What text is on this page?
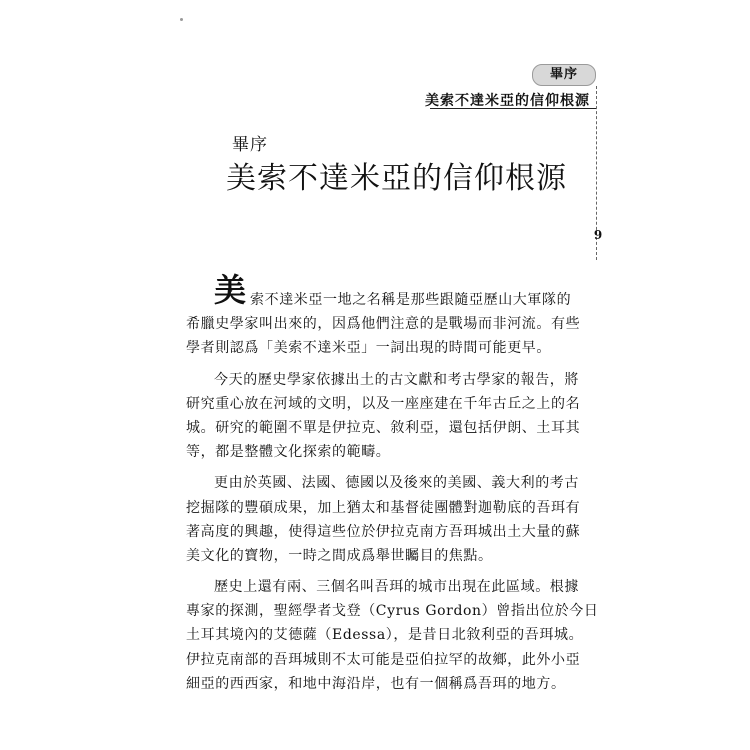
畢序
美索不達米亞的信仰根源
9
畢序
美索不達米亞的信仰根源
美 索不達米亞一地之名稱是那些跟隨亞歷山大軍隊的
希臘史學家叫出來的，因爲他們注意的是戰場而非河流。有些
學者則認爲「美索不達米亞」一詞出現的時間可能更早。
今天的歷史學家依據出土的古文獻和考古學家的報告，將
研究重心放在河域的文明，以及一座座建在千年古丘之上的名
城。研究的範圍不單是伊拉克、敘利亞，還包括伊朗、土耳其
等，都是整體文化探索的範疇。
更由於英國、法國、德國以及後來的美國、義大利的考古
挖掘隊的豐碩成果，加上猶太和基督徒團體對迦勒底的吾珥有
著高度的興趣，使得這些位於伊拉克南方吾珥城出土大量的蘇
美文化的寶物，一時之間成爲舉世矚目的焦點。
歷史上還有兩、三個名叫吾珥的城市出現在此區域。根據
專家的探測，聖經學者戈登（Cyrus Gordon）曾指出位於今日
土耳其境內的艾德薩（Edessa），是昔日北敘利亞的吾珥城。
伊拉克南部的吾珥城則不太可能是亞伯拉罕的故鄉，此外小亞
細亞的西西家，和地中海沿岸，也有一個稱爲吾珥的地方。
